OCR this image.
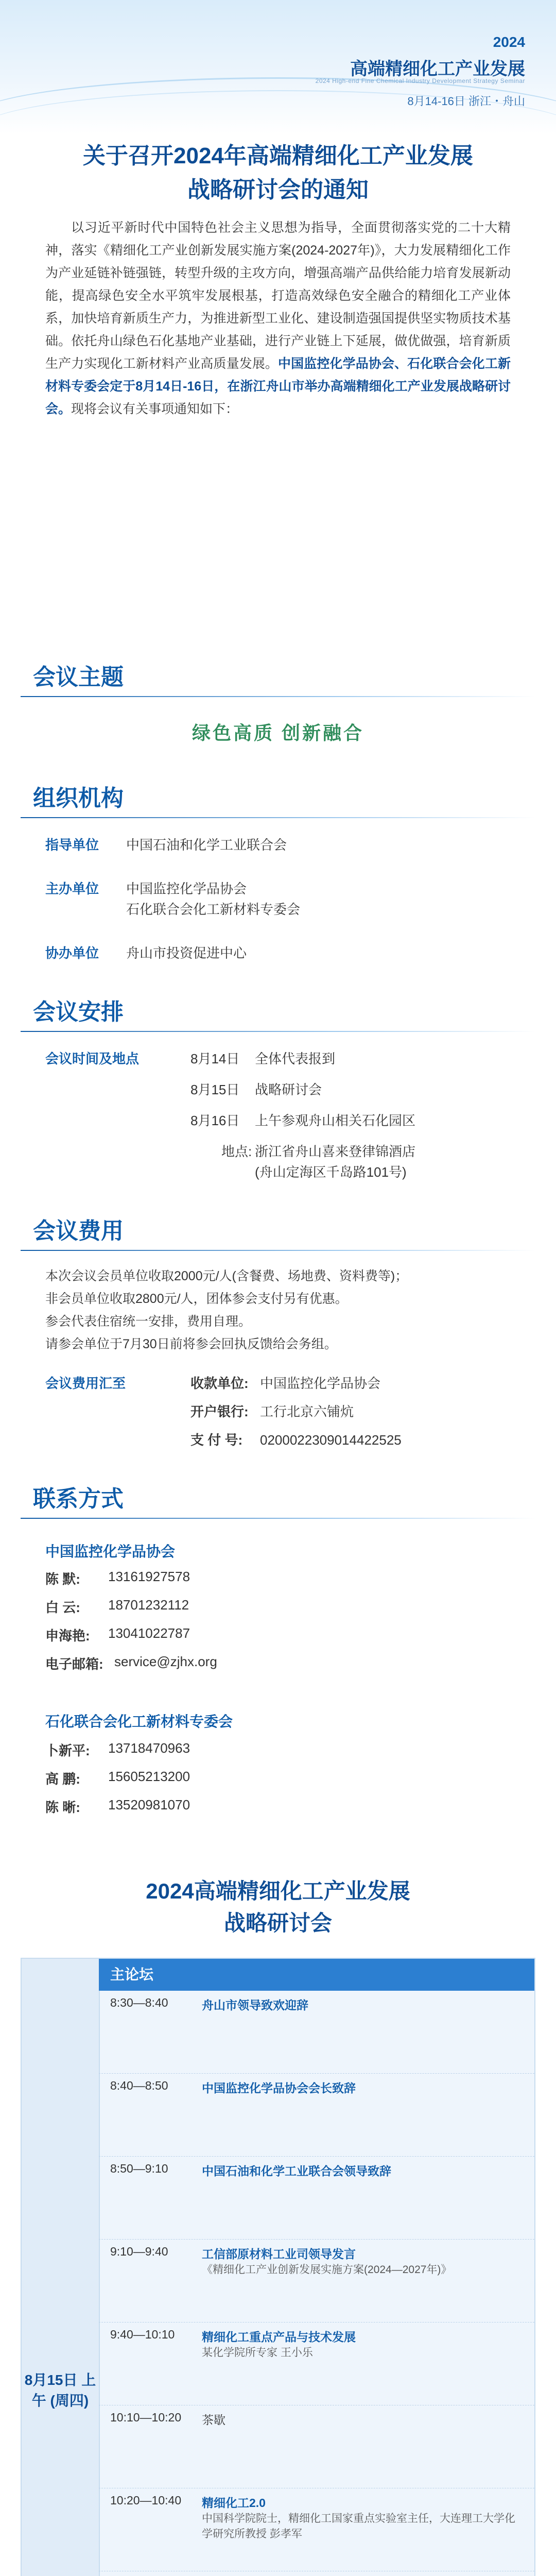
2024
高端精细化工产业发展
2024 High-end Fine Chemical Industry Development Strategy Seminar
8月14-16日 浙江・舟山
关于召开2024年高端精细化工产业发展
战略研讨会的通知
以习近平新时代中国特色社会主义思想为指导，全面贯彻落实党的二十大精神，落实《精细化工产业创新发展实施方案(2024-2027年)》，大力发展精细化工作为产业延链补链强链，转型升级的主攻方向，增强高端产品供给能力培育发展新动能，提高绿色安全水平筑牢发展根基，打造高效绿色安全融合的精细化工产业体系，加快培育新质生产力，为推进新型工业化、建设制造强国提供坚实物质技术基础。依托舟山绿色石化基地产业基础，进行产业链上下延展，做优做强，培育新质生产力实现化工新材料产业高质量发展。中国监控化学品协会、石化联合会化工新材料专委会定于8月14日-16日，在浙江舟山市举办高端精细化工产业发展战略研讨会。现将会议有关事项通知如下：
会议主题
绿色高质 创新融合
组织机构
指导单位 中国石油和化学工业联合会
主办单位 中国监控化学品协会
石化联合会化工新材料专委会
协办单位 舟山市投资促进中心
会议安排
会议时间及地点	8月14日 全体代表报到
8月15日 战略研讨会
8月16日 上午参观舟山相关石化园区
地点: 浙江省舟山喜来登律锦酒店
(舟山定海区千岛路101号)
会议费用
本次会议会员单位收取2000元/人(含餐费、场地费、资料费等)；
非会员单位收取2800元/人，团体参会支付另有优惠。
参会代表住宿统一安排，费用自理。
请参会单位于7月30日前将参会回执反馈给会务组。
会议费用汇至	收款单位: 中国监控化学品协会
开户银行: 工行北京六铺炕
支 付 号: 0200022309014422525
联系方式
中国监控化学品协会
陈 默: 13161927578
白 云: 18701232112
申海艳: 13041022787
电子邮箱: service@zjhx.org
石化联合会化工新材料专委会
卜新平: 13718470963
高 鹏: 15605213200
陈 晰: 13520981070
2024高端精细化工产业发展
战略研讨会
8月15日 上午 (周四)
主论坛
8:30—8:40	舟山市领导致欢迎辞
8:40—8:50	中国监控化学品协会会长致辞
8:50—9:10	中国石油和化学工业联合会领导致辞
9:10—9:40	工信部原材料工业司领导发言
《精细化工产业创新发展实施方案(2024—2027年)》
9:40—10:10	精细化工重点产品与技术发展
某化学院所专家 王小乐
10:10—10:20	茶歇
10:20—10:40	精细化工2.0
中国科学院院士，精细化工国家重点实验室主任，大连理工大学化学研究所教授 彭孝军
